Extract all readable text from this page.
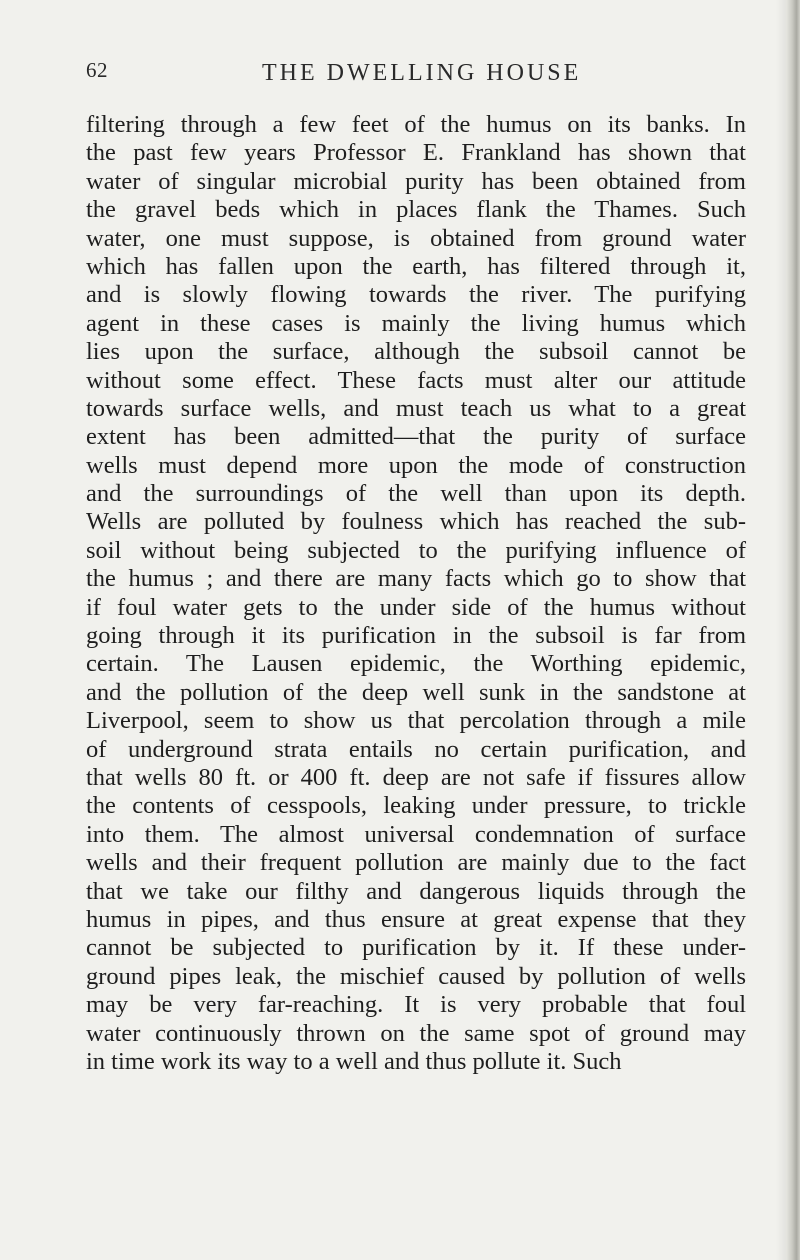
62	THE DWELLING HOUSE
filtering through a few feet of the humus on its banks. In
the past few years Professor E. Frankland has shown that
water of singular microbial purity has been obtained from
the gravel beds which in places flank the Thames. Such
water, one must suppose, is obtained from ground water
which has fallen upon the earth, has filtered through it,
and is slowly flowing towards the river. The purifying
agent in these cases is mainly the living humus which
lies upon the surface, although the subsoil cannot be
without some effect. These facts must alter our attitude
towards surface wells, and must teach us what to a great
extent has been admitted—that the purity of surface
wells must depend more upon the mode of construction
and the surroundings of the well than upon its depth.
Wells are polluted by foulness which has reached the sub-
soil without being subjected to the purifying influence of
the humus ; and there are many facts which go to show that
if foul water gets to the under side of the humus without
going through it its purification in the subsoil is far from
certain. The Lausen epidemic, the Worthing epidemic,
and the pollution of the deep well sunk in the sandstone at
Liverpool, seem to show us that percolation through a mile
of underground strata entails no certain purification, and
that wells 80 ft. or 400 ft. deep are not safe if fissures allow
the contents of cesspools, leaking under pressure, to trickle
into them. The almost universal condemnation of surface
wells and their frequent pollution are mainly due to the fact
that we take our filthy and dangerous liquids through the
humus in pipes, and thus ensure at great expense that they
cannot be subjected to purification by it. If these under-
ground pipes leak, the mischief caused by pollution of wells
may be very far-reaching. It is very probable that foul
water continuously thrown on the same spot of ground may
in time work its way to a well and thus pollute it. Such
